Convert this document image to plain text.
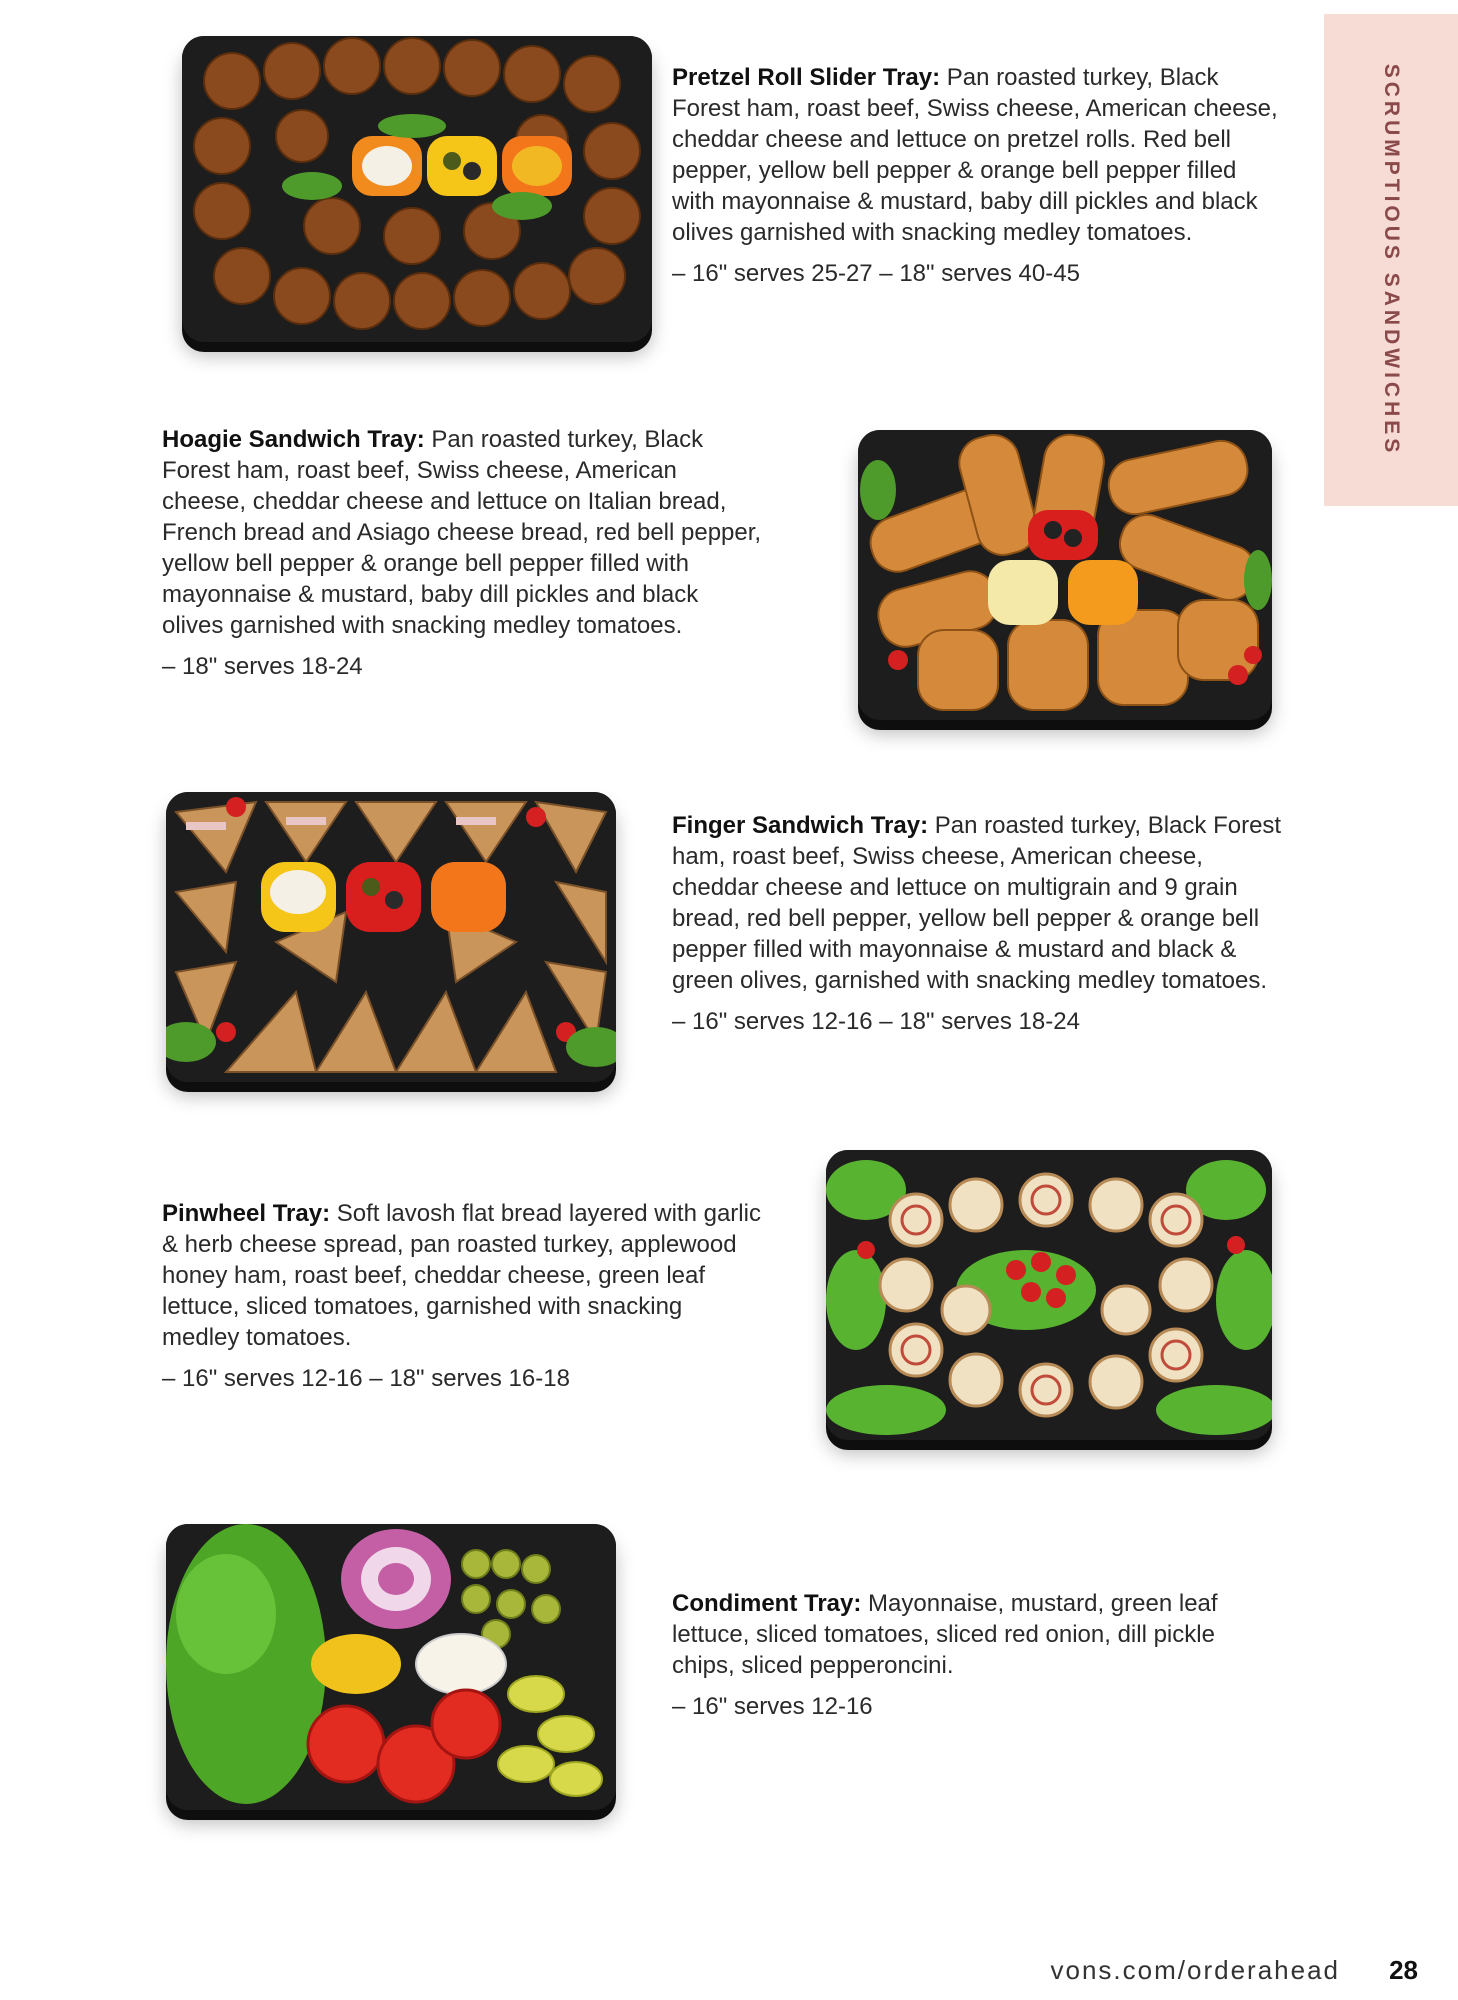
SCRUMPTIOUS SANDWICHES
Pretzel Roll Slider Tray: Pan roasted turkey, Black Forest ham, roast beef, Swiss cheese, American cheese, cheddar cheese and lettuce on pretzel rolls. Red bell pepper, yellow bell pepper & orange bell pepper filled with mayonnaise & mustard, baby dill pickles and black olives garnished with snacking medley tomatoes.
– 16" serves 25-27 – 18" serves 40-45
Hoagie Sandwich Tray: Pan roasted turkey, Black Forest ham, roast beef, Swiss cheese, American cheese, cheddar cheese and lettuce on Italian bread, French bread and Asiago cheese bread, red bell pepper, yellow bell pepper & orange bell pepper filled with mayonnaise & mustard, baby dill pickles and black olives garnished with snacking medley tomatoes.
– 18" serves 18-24
Finger Sandwich Tray: Pan roasted turkey, Black Forest ham, roast beef, Swiss cheese, American cheese, cheddar cheese and lettuce on multigrain and 9 grain bread, red bell pepper, yellow bell pepper & orange bell pepper filled with mayonnaise & mustard and black & green olives, garnished with snacking medley tomatoes.
– 16" serves 12-16 – 18" serves 18-24
Pinwheel Tray: Soft lavosh flat bread layered with garlic & herb cheese spread, pan roasted turkey, applewood honey ham, roast beef, cheddar cheese, green leaf lettuce, sliced tomatoes, garnished with snacking medley tomatoes.
– 16" serves 12-16 – 18" serves 16-18
Condiment Tray: Mayonnaise, mustard, green leaf lettuce, sliced tomatoes, sliced red onion, dill pickle chips, sliced pepperoncini.
– 16" serves 12-16
vons.com/orderahead 28
